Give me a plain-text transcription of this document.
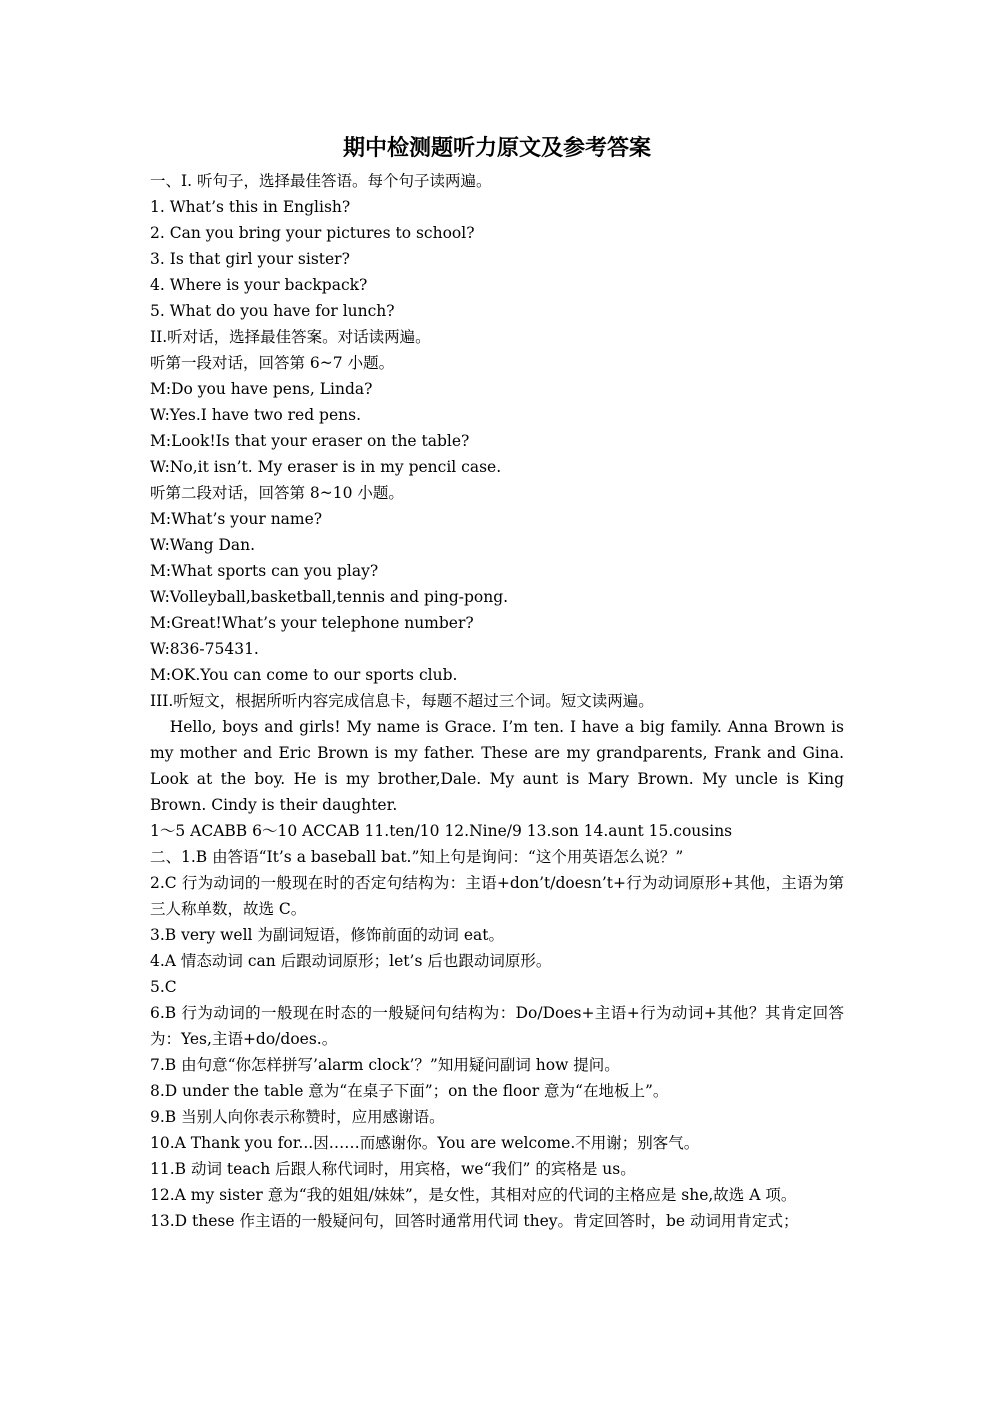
期中检测题听力原文及参考答案

一、Ⅰ. 听句子，选择最佳答语。每个句子读两遍。

1. What’s this in English?

2. Can you bring your pictures to school?

3. Is that girl your sister?

4. Where is your backpack?

5. What do you have for lunch?

II.听对话，选择最佳答案。对话读两遍。

听第一段对话，回答第 6~7 小题。

M:Do you have pens, Linda?

W:Yes.I have two red pens.

M:Look!Is that your eraser on the table?

W:No,it isn’t. My eraser is in my pencil case.

听第二段对话，回答第 8~10 小题。

M:What’s your name?

W:Wang Dan.

M:What sports can you play?

W:Volleyball,basketball,tennis and ping-pong.

M:Great!What’s your telephone number?

W:836-75431.

M:OK.You can come to our sports club.

III.听短文，根据所听内容完成信息卡，每题不超过三个词。短文读两遍。

Hello, boys and girls! My name is Grace. I’m ten. I have a big family. Anna Brown is my mother and Eric Brown is my father. These are my grandparents, Frank and Gina. Look at the boy. He is my brother,Dale. My aunt is Mary Brown. My uncle is King Brown. Cindy is their daughter.

1～5 ACABB 6～10 ACCAB 11.ten/10 12.Nine/9 13.son 14.aunt 15.cousins

二、1.B 由答语“It’s a baseball bat.”知上句是询问：“这个用英语怎么说？”

2.C 行为动词的一般现在时的否定句结构为：主语+don’t/doesn’t+行为动词原形+其他，主语为第三人称单数，故选 C。

3.B very well 为副词短语，修饰前面的动词 eat。

4.A 情态动词 can 后跟动词原形；let’s 后也跟动词原形。

5.C

6.B 行为动词的一般现在时态的一般疑问句结构为：Do/Does+主语+行为动词+其他？其肯定回答为：Yes,主语+do/does.。

7.B 由句意“你怎样拼写’alarm clock’？”知用疑问副词 how 提问。

8.D under the table 意为“在桌子下面”；on the floor 意为“在地板上”。

9.B 当别人向你表示称赞时，应用感谢语。

10.A Thank you for...因……而感谢你。You are welcome.不用谢；别客气。

11.B 动词 teach 后跟人称代词时，用宾格，we“我们” 的宾格是 us。

12.A my sister 意为“我的姐姐/妹妹”，是女性，其相对应的代词的主格应是 she,故选 A 项。

13.D these 作主语的一般疑问句，回答时通常用代词 they。肯定回答时，be 动词用肯定式；
